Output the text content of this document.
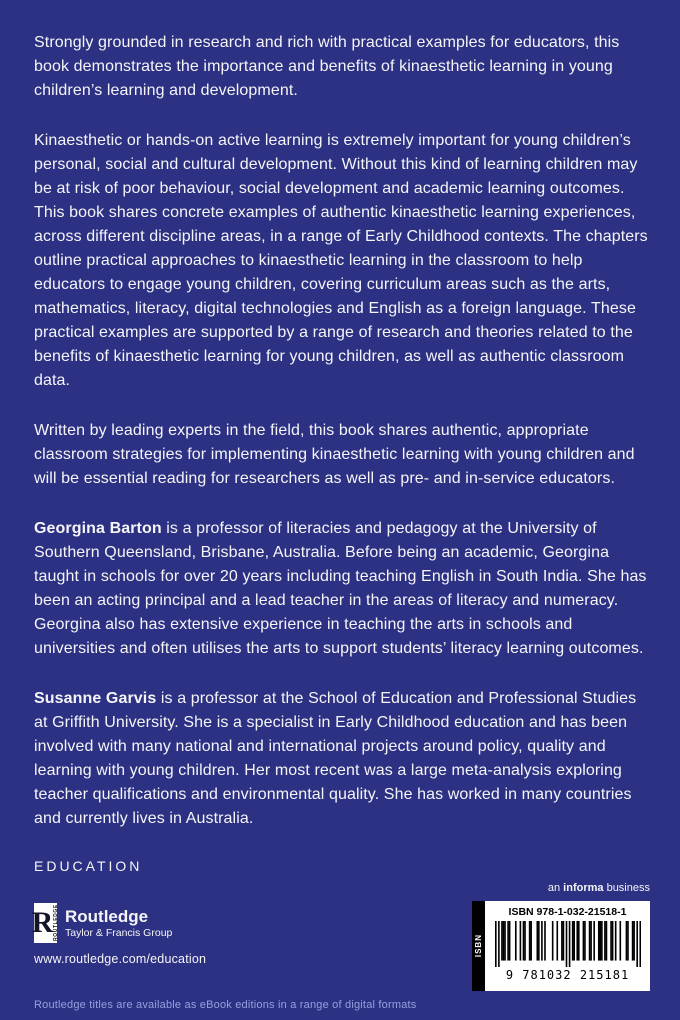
Strongly grounded in research and rich with practical examples for educators, this book demonstrates the importance and benefits of kinaesthetic learning in young children’s learning and development.

Kinaesthetic or hands-on active learning is extremely important for young children’s personal, social and cultural development. Without this kind of learning children may be at risk of poor behaviour, social development and academic learning outcomes. This book shares concrete examples of authentic kinaesthetic learning experiences, across different discipline areas, in a range of Early Childhood contexts. The chapters outline practical approaches to kinaesthetic learning in the classroom to help educators to engage young children, covering curriculum areas such as the arts, mathematics, literacy, digital technologies and English as a foreign language. These practical examples are supported by a range of research and theories related to the benefits of kinaesthetic learning for young children, as well as authentic classroom data.

Written by leading experts in the field, this book shares authentic, appropriate classroom strategies for implementing kinaesthetic learning with young children and will be essential reading for researchers as well as pre- and in-service educators.

Georgina Barton is a professor of literacies and pedagogy at the University of Southern Queensland, Brisbane, Australia. Before being an academic, Georgina taught in schools for over 20 years including teaching English in South India. She has been an acting principal and a lead teacher in the areas of literacy and numeracy. Georgina also has extensive experience in teaching the arts in schools and universities and often utilises the arts to support students’ literacy learning outcomes.

Susanne Garvis is a professor at the School of Education and Professional Studies at Griffith University. She is a specialist in Early Childhood education and has been involved with many national and international projects around policy, quality and learning with young children. Her most recent was a large meta-analysis exploring teacher qualifications and environmental quality. She has worked in many countries and currently lives in Australia.

EDUCATION
R ROUTLEDGE Routledge
Taylor & Francis Group
www.routledge.com/education
an informa business
ISBN
ISBN 978-1-032-21518-1
9 781032 215181
Routledge titles are available as eBook editions in a range of digital formats
